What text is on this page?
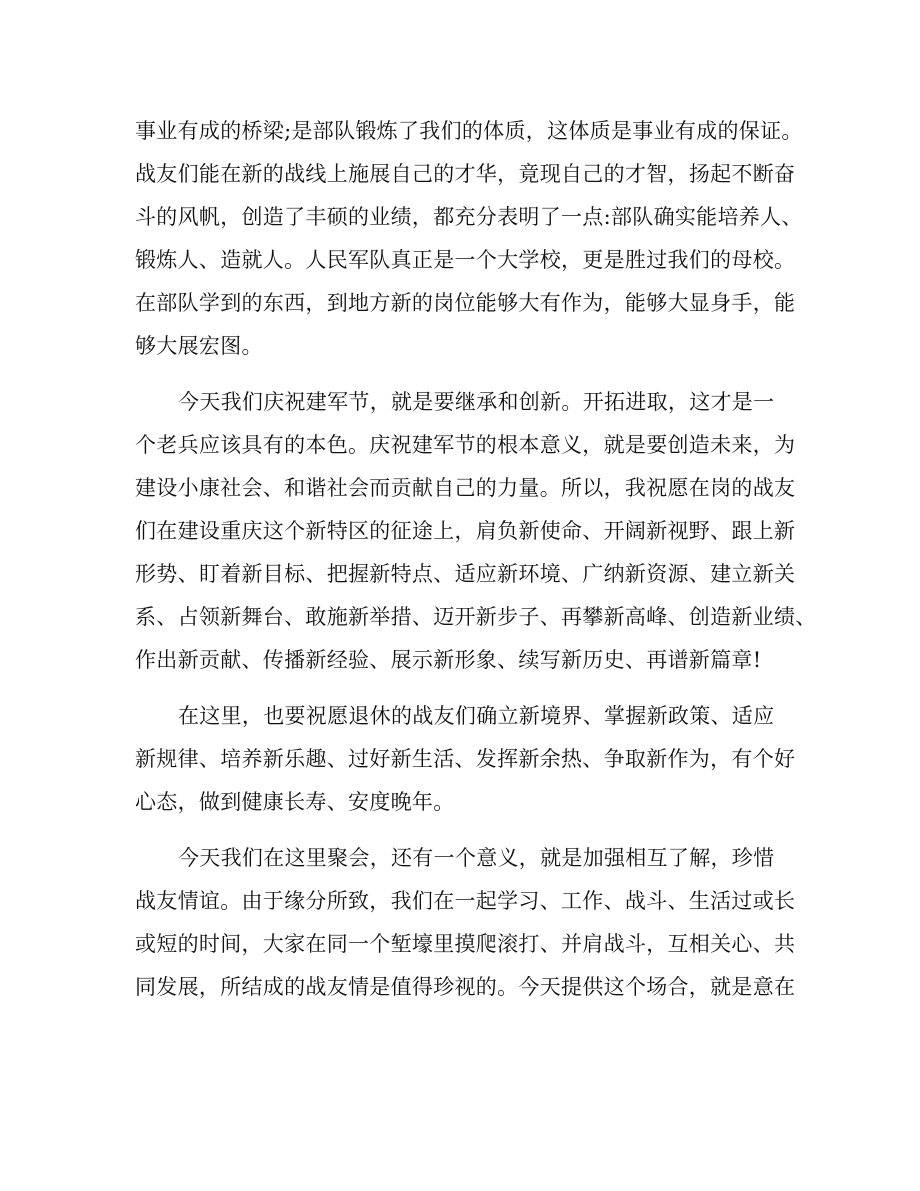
事业有成的桥梁;是部队锻炼了我们的体质，这体质是事业有成的保证。
战友们能在新的战线上施展自己的才华，竟现自己的才智，扬起不断奋
斗的风帆，创造了丰硕的业绩，都充分表明了一点:部队确实能培养人、
锻炼人、造就人。人民军队真正是一个大学校，更是胜过我们的母校。
在部队学到的东西，到地方新的岗位能够大有作为，能够大显身手，能
够大展宏图。
今天我们庆祝建军节，就是要继承和创新。开拓进取，这才是一
个老兵应该具有的本色。庆祝建军节的根本意义，就是要创造未来，为
建设小康社会、和谐社会而贡献自己的力量。所以，我祝愿在岗的战友
们在建设重庆这个新特区的征途上，肩负新使命、开阔新视野、跟上新
形势、盯着新目标、把握新特点、适应新环境、广纳新资源、建立新关
系、占领新舞台、敢施新举措、迈开新步子、再攀新高峰、创造新业绩、
作出新贡献、传播新经验、展示新形象、续写新历史、再谱新篇章!
在这里，也要祝愿退休的战友们确立新境界、掌握新政策、适应
新规律、培养新乐趣、过好新生活、发挥新余热、争取新作为，有个好
心态，做到健康长寿、安度晚年。
今天我们在这里聚会，还有一个意义，就是加强相互了解，珍惜
战友情谊。由于缘分所致，我们在一起学习、工作、战斗、生活过或长
或短的时间，大家在同一个堑壕里摸爬滚打、并肩战斗，互相关心、共
同发展，所结成的战友情是值得珍视的。今天提供这个场合，就是意在
